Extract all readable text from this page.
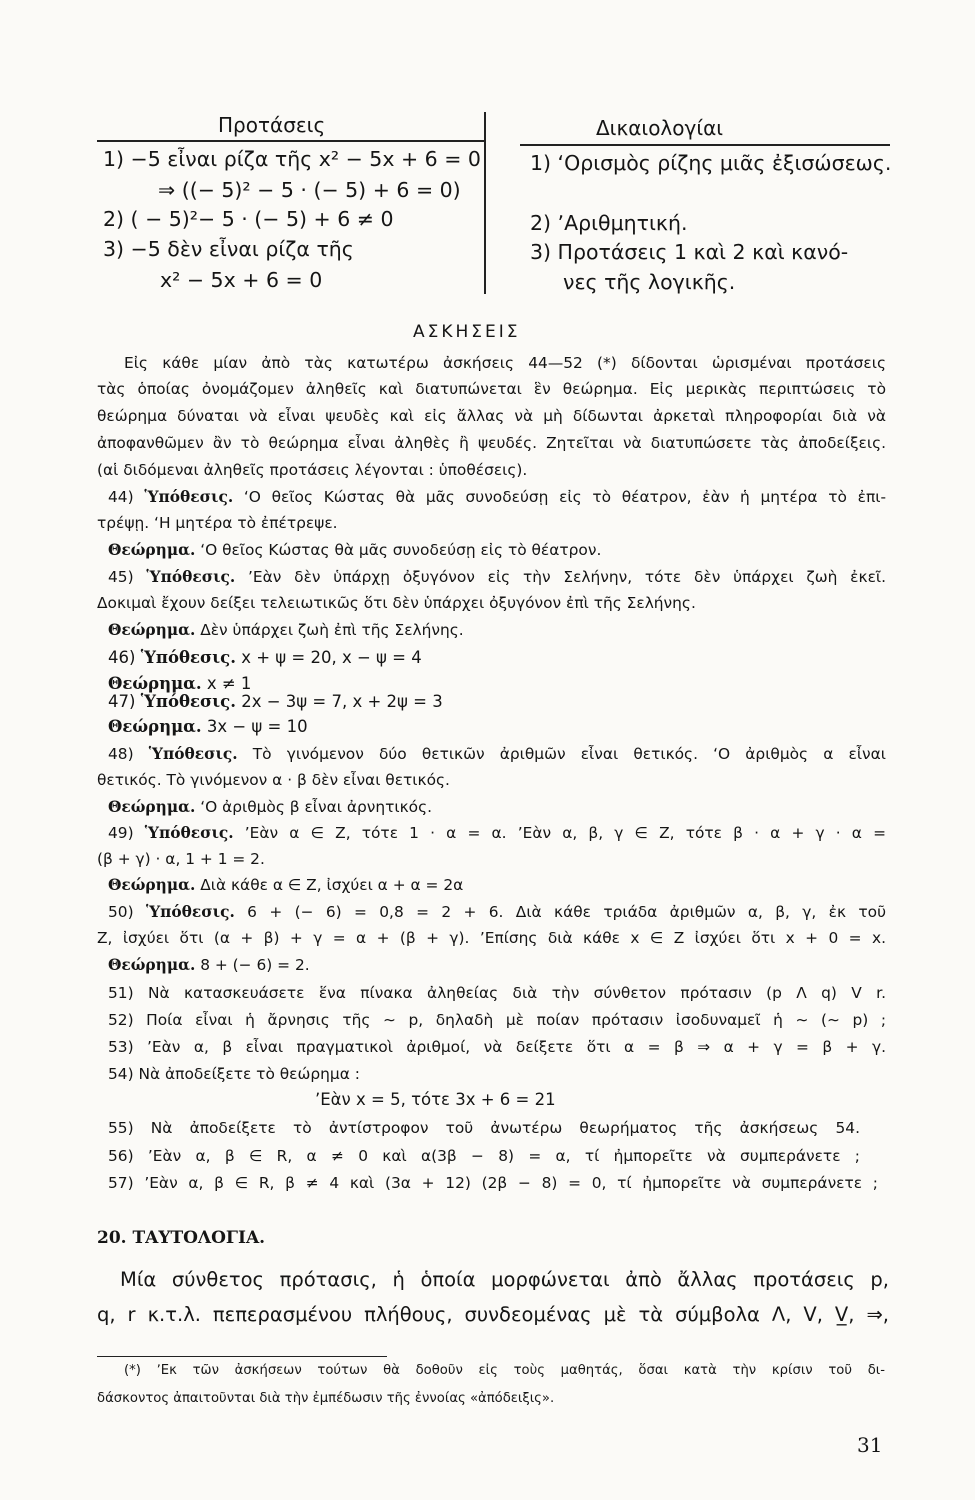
Προτάσεις	Δικαιολογίαι
1) −5 εἶναι ρίζα τῆς x² − 5x + 6 = 0
⇒ ((− 5)² − 5 · (− 5) + 6 = 0)
2) ( − 5)²− 5 · (− 5) + 6 ≠ 0
3) −5 δὲν εἶναι ρίζα τῆς
x² − 5x + 6 = 0
1) ʻΟρισμὸς ρίζης μιᾶς ἐξισώσεως.
2) ʼΑριθμητική.
3) Προτάσεις 1 καὶ 2 καὶ κανό-
νες τῆς λογικῆς.
ΑΣΚΗΣΕΙΣ
Εἰς κάθε μίαν ἀπὸ τὰς κατωτέρω ἀσκήσεις 44—52 (*) δίδονται ὡρισμέναι προτάσεις
τὰς ὁποίας ὀνομάζομεν ἀληθεῖς καὶ διατυπώνεται ἓν θεώρημα. Εἰς μερικὰς περιπτώσεις τὸ
θεώρημα δύναται νὰ εἶναι ψευδὲς καὶ εἰς ἄλλας νὰ μὴ δίδωνται ἀρκεταὶ πληροφορίαι διὰ νὰ
ἀποφανθῶμεν ἂν τὸ θεώρημα εἶναι ἀληθὲς ἢ ψευδές. Ζητεῖται νὰ διατυπώσετε τὰς ἀποδείξεις.
(αἱ διδόμεναι ἀληθεῖς προτάσεις λέγονται : ὑποθέσεις).
44) Ὑπόθεσις. ʻΟ θεῖος Κώστας θὰ μᾶς συνοδεύσῃ εἰς τὸ θέατρον, ἐὰν ἡ μητέρα τὸ ἐπι-
τρέψῃ. ʻΗ μητέρα τὸ ἐπέτρεψε.
Θεώρημα. ʻΟ θεῖος Κώστας θὰ μᾶς συνοδεύσῃ εἰς τὸ θέατρον.
45) Ὑπόθεσις. ʼΕὰν δὲν ὑπάρχῃ ὀξυγόνον εἰς τὴν Σελήνην, τότε δὲν ὑπάρχει ζωὴ ἐκεῖ.
Δοκιμαὶ ἔχουν δείξει τελειωτικῶς ὅτι δὲν ὑπάρχει ὀξυγόνον ἐπὶ τῆς Σελήνης.
Θεώρημα. Δὲν ὑπάρχει ζωὴ ἐπὶ τῆς Σελήνης.
46) Ὑπόθεσις. x + ψ = 20, x − ψ = 4
Θεώρημα. x ≠ 1
47) Ὑπόθεσις. 2x − 3ψ = 7, x + 2ψ = 3
Θεώρημα. 3x − ψ = 10
48) Ὑπόθεσις. Τὸ γινόμενον δύο θετικῶν ἀριθμῶν εἶναι θετικός. ʻΟ ἀριθμὸς α εἶναι
θετικός. Τὸ γινόμενον α · β δὲν εἶναι θετικός.
Θεώρημα. ʻΟ ἀριθμὸς β εἶναι ἀρνητικός.
49) Ὑπόθεσις. ʼΕὰν α ∈ Z, τότε 1 · α = α. ʼΕὰν α, β, γ ∈ Z, τότε β · α + γ · α =
(β + γ) · α, 1 + 1 = 2.
Θεώρημα. Διὰ κάθε α ∈ Z, ἰσχύει α + α = 2α
50) Ὑπόθεσις. 6 + (− 6) = 0,8 = 2 + 6. Διὰ κάθε τριάδα ἀριθμῶν α, β, γ, ἐκ τοῦ
Z, ἰσχύει ὅτι (α + β) + γ = α + (β + γ). ʼΕπίσης διὰ κάθε x ∈ Z ἰσχύει ὅτι x + 0 = x.
Θεώρημα. 8 + (− 6) = 2.
51) Νὰ κατασκευάσετε ἕνα πίνακα ἀληθείας διὰ τὴν σύνθετον πρότασιν (p Λ q) V r.
52) Ποία εἶναι ἡ ἄρνησις τῆς ∼ p, δηλαδὴ μὲ ποίαν πρότασιν ἰσοδυναμεῖ ἡ ∼ (∼ p) ;
53) ʼΕὰν α, β εἶναι πραγματικοὶ ἀριθμοί, νὰ δείξετε ὅτι α = β ⇒ α + γ = β + γ.
54) Νὰ ἀποδείξετε τὸ θεώρημα :
ʼΕὰν x = 5, τότε 3x + 6 = 21
55) Νὰ ἀποδείξετε τὸ ἀντίστροφον τοῦ ἀνωτέρω θεωρήματος τῆς ἀσκήσεως 54.
56) ʼΕὰν α, β ∈ R, α ≠ 0 καὶ α(3β − 8) = α, τί ἠμπορεῖτε νὰ συμπεράνετε ;
57) ʼΕὰν α, β ∈ R, β ≠ 4 καὶ (3α + 12) (2β − 8) = 0, τί ἠμπορεῖτε νὰ συμπεράνετε ;
20. ΤΑΥΤΟΛΟΓΙΑ.
Μία σύνθετος πρότασις, ἡ ὁποία μορφώνεται ἀπὸ ἄλλας προτάσεις p,
q, r κ.τ.λ. πεπερασμένου πλήθους, συνδεομένας μὲ τὰ σύμβολα Λ, V, V̲, ⇒,
(*) ʼΕκ τῶν ἀσκήσεων τούτων θὰ δοθοῦν εἰς τοὺς μαθητάς, ὅσαι κατὰ τὴν κρίσιν τοῦ δι-
δάσκοντος ἀπαιτοῦνται διὰ τὴν ἐμπέδωσιν τῆς ἐννοίας «ἀπόδειξις».
31
